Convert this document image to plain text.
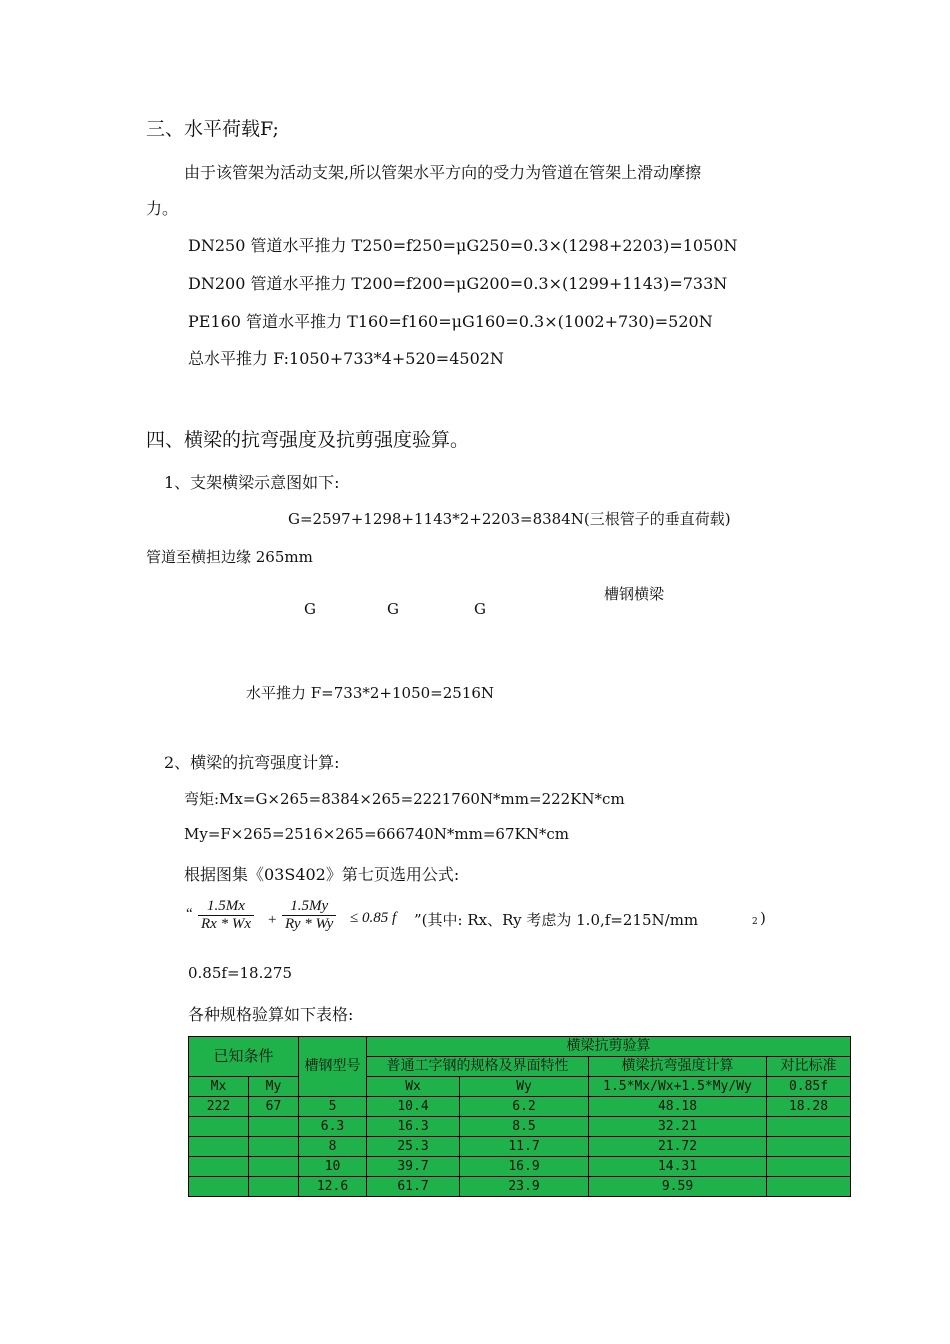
三、水平荷载F;
由于该管架为活动支架,所以管架水平方向的受力为管道在管架上滑动摩擦
力。
DN250 管道水平推力 T250=f250=μG250=0.3×(1298+2203)=1050N
DN200 管道水平推力 T200=f200=μG200=0.3×(1299+1143)=733N
PE160 管道水平推力 T160=f160=μG160=0.3×(1002+730)=520N
总水平推力 F:1050+733*4+520=4502N
四、横梁的抗弯强度及抗剪强度验算。
1、支架横梁示意图如下:
G=2597+1298+1143*2+2203=8384N(三根管子的垂直荷载)
管道至横担边缘 265mm
槽钢横梁
G	G	G
水平推力 F=733*2+1050=2516N
2、横梁的抗弯强度计算:
弯矩:Mx=G×265=8384×265=2221760N*mm=222KN*cm
My=F×265=2516×265=666740N*mm=67KN*cm
根据图集《03S402》第七页选用公式:
“ $\frac{1.5Mx}{Rx * Wx} + \frac{1.5My}{Ry * Wy} \le 0.85$ f ”(其中: Rx、Ry 考虑为 1.0,f=215N/mm	2 )
0.85f=18.275
各种规格验算如下表格:
已知条件		槽钢型号	横梁抗剪验算			
			普通工字钢的规格及界面特性		横梁抗弯强度计算	对比标准
Mx	My		Wx	Wy	1.5*Mx/Wx+1.5*My/Wy	0.85f
222	67	5	10.4	6.2	48.18	18.28
		6.3	16.3	8.5	32.21	
		8	25.3	11.7	21.72	
		10	39.7	16.9	14.31	
		12.6	61.7	23.9	9.59	
